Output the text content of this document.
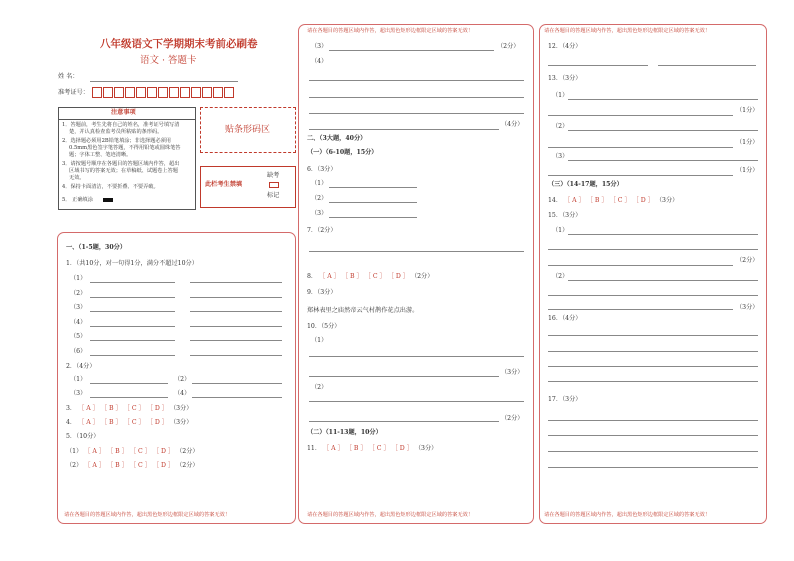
八年级语文下学期期末考前必刷卷
语文 · 答题卡
姓 名：
准考证号：
注意事项
1．答题前，考生先将自己的姓名，准考证号填写清
楚，并认真检查监考员所粘贴的条形码。
2．选择题必须用2B铅笔填涂；非选择题必须用
0.5mm黑色签字笔答题，不得用铅笔或圆珠笔答
题；字体工整、笔迹清晰。
3．请按题号顺序在各题目的答题区域内作答，超出
区域书写的答案无效；在草稿纸、试题卷上答题
无效。
4．保持卡面清洁，不要折叠、不要弄破。
5． 正确填涂
贴条形码区
此栏考生禁填
缺考
标记
一、（1-5题，30分）
1．（共10分，对一句得1分，满分不超过10分）
（1）
（2）
（3）
（4）
（5）
（6）
2．（4分）
（1）	（2）
（3）	（4）
3． ［ A ］ ［ B ］ ［ C ］ ［ D ］ （3分）
4． ［ A ］ ［ B ］ ［ C ］ ［ D ］ （3分）
5．（10分）
（1） ［ A ］ ［ B ］ ［ C ］ ［ D ］ （2分）
（2） ［ A ］ ［ B ］ ［ C ］ ［ D ］ （2分）
请在各题目的答题区域内作答，超出黑色矩形边框限定区域的答案无效！
请在各题目的答题区域内作答，超出黑色矩形边框限定区域的答案无效！
（3）	（2分）
（4）
（4分）
二、（3大题，40分）
（一）（6-10题，15分）
6．（3分）
（1）
（2）
（3）
7．（2分）
8． ［ A ］ ［ B ］ ［ C ］ ［ D ］ （2分）
9．（3分）
郑林表里之庙然帝云气村鹊作花点出游。
10．（5分）
（1）
（3分）
（2）
（2分）
（二）（11-13题，10分）
11． ［ A ］ ［ B ］ ［ C ］ ［ D ］ （3分）
请在各题目的答题区域内作答，超出黑色矩形边框限定区域的答案无效！
请在各题目的答题区域内作答，超出黑色矩形边框限定区域的答案无效！
12．（4分）
13．（3分）
（1）
（1分）
（2）
（1分）
（3）
（1分）
（三）（14-17题，15分）
14． ［ A ］ ［ B ］ ［ C ］ ［ D ］ （3分）
15．（3分）
（1）
（2分）
（2）
（3分）
16．（4分）
17．（3分）
请在各题目的答题区域内作答，超出黑色矩形边框限定区域的答案无效！
